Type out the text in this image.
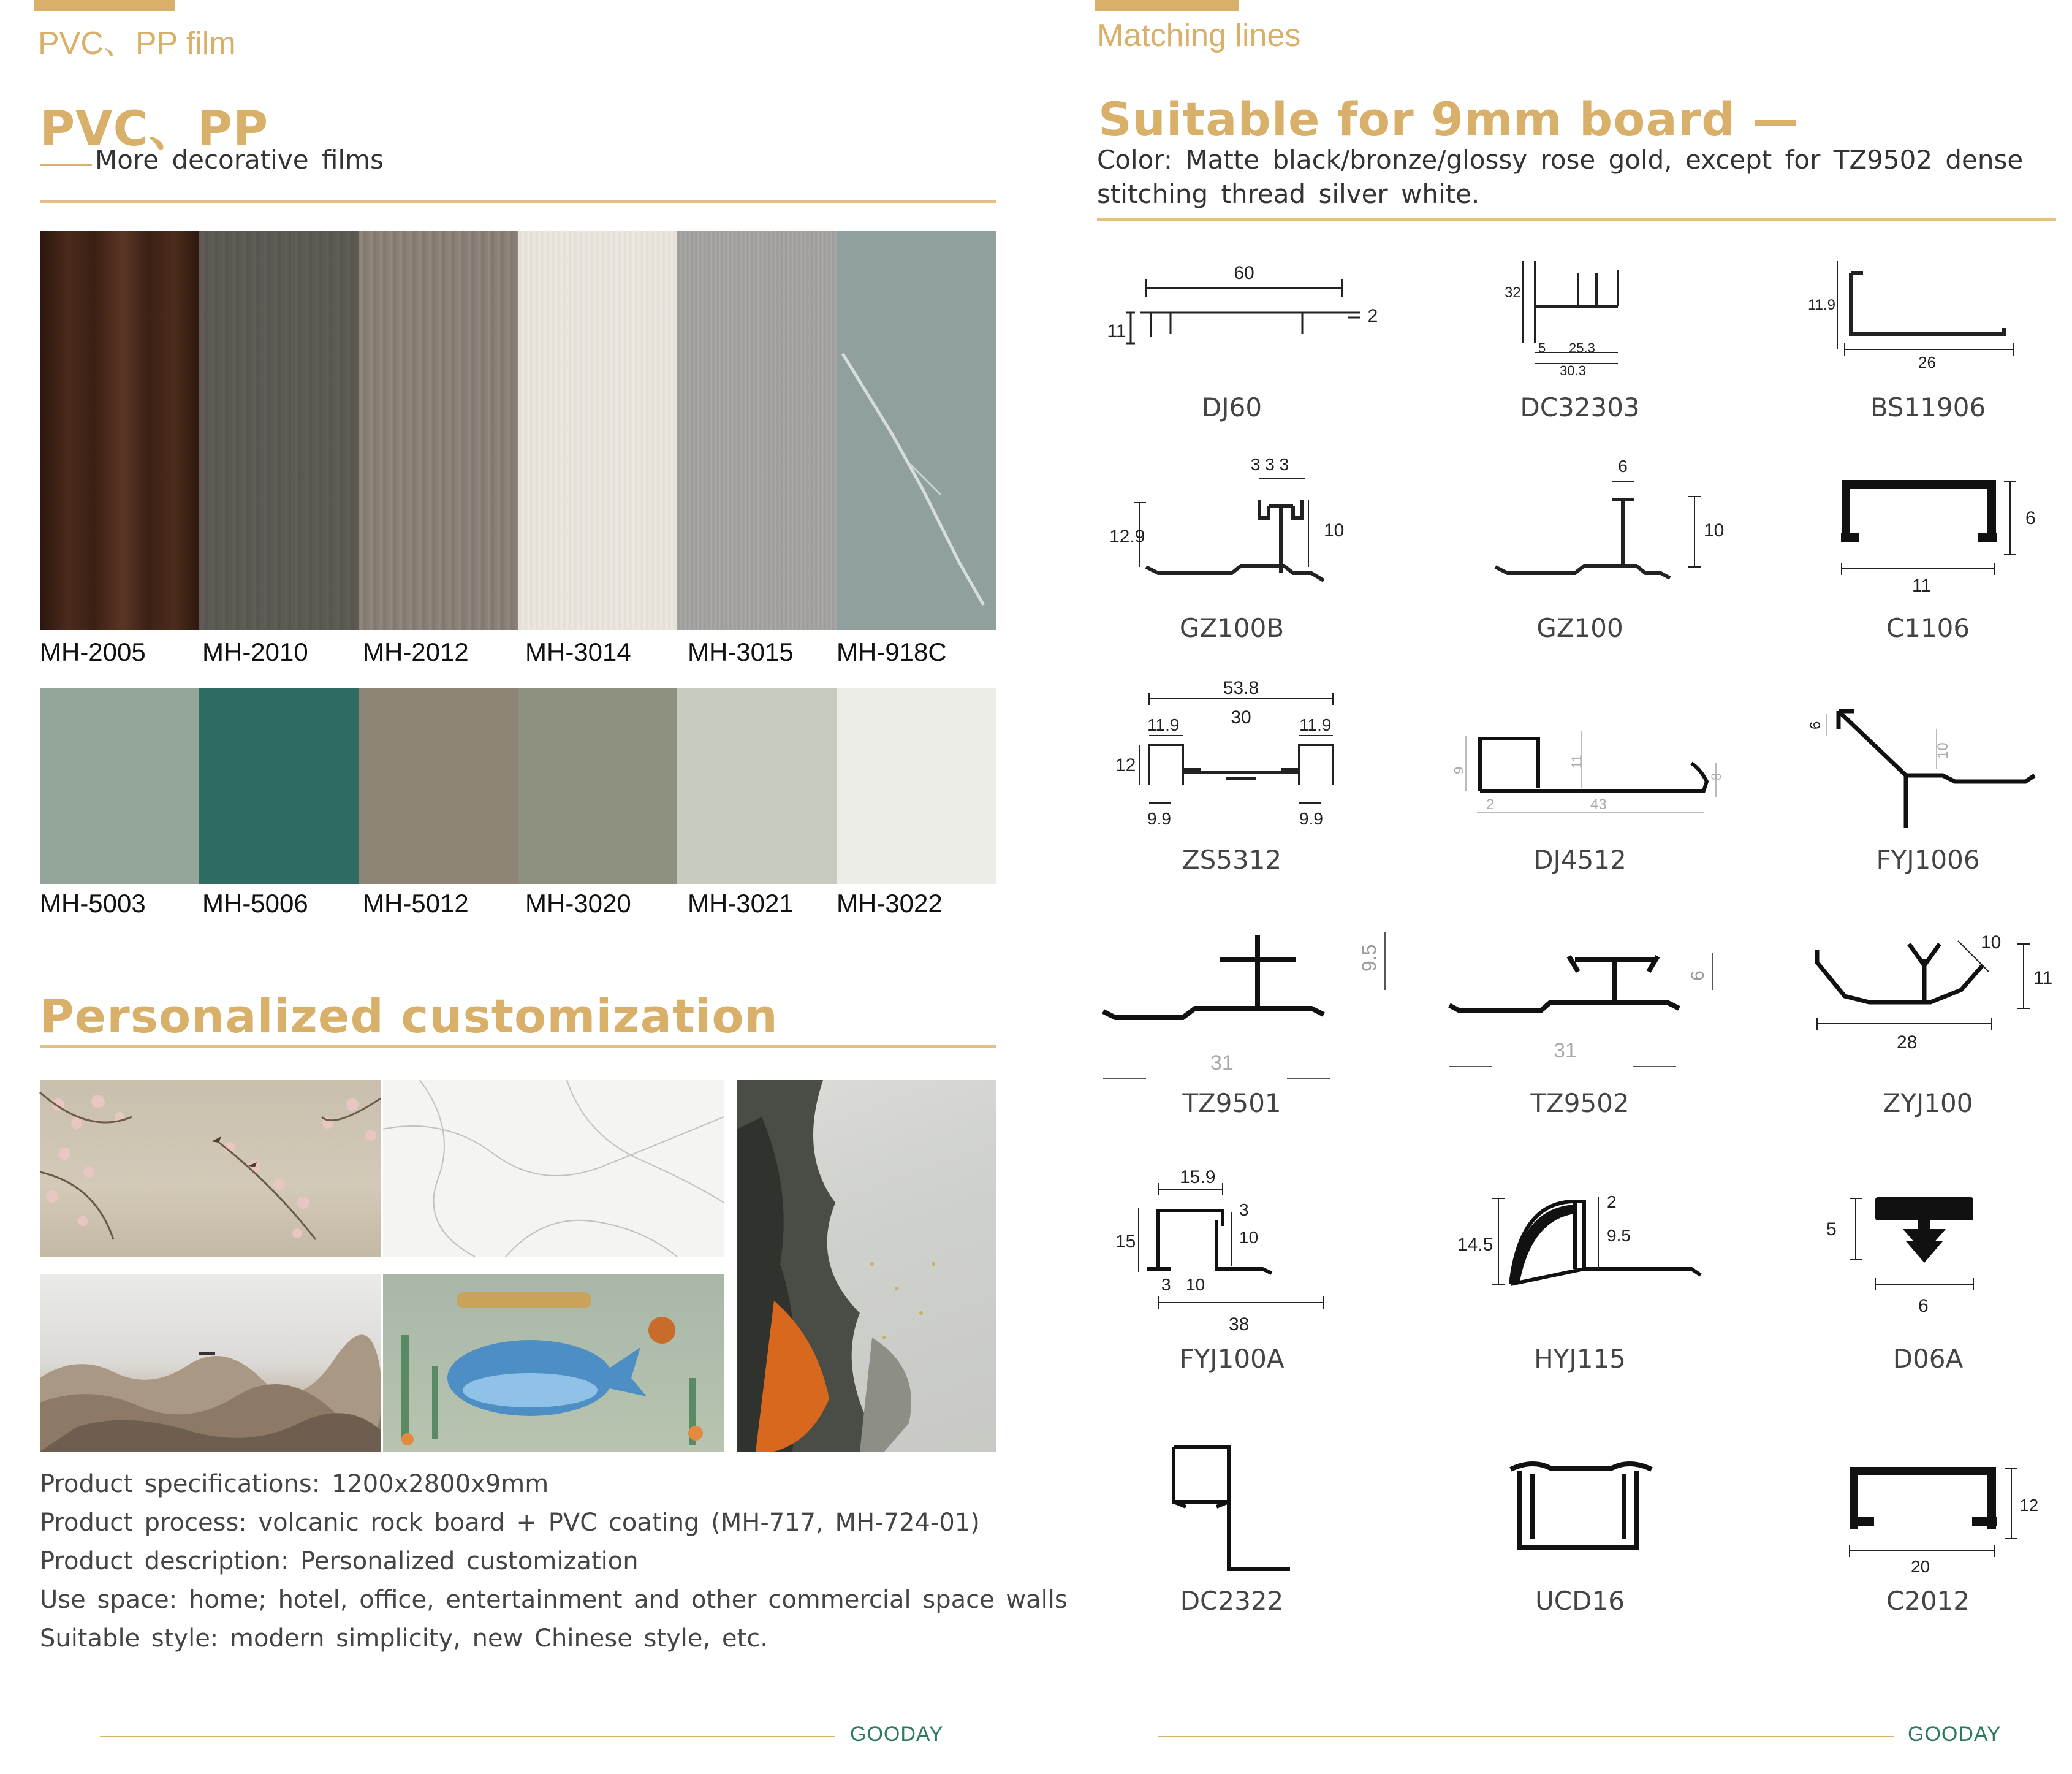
PVC、PP film
PVC、PP
More decorative films
MH-2005 MH-2010 MH-2012 MH-3014 MH-3015 MH-918C
MH-5003 MH-5006 MH-5012 MH-3020 MH-3021 MH-3022
Personalized customization
Product specifications: 1200x2800x9mm
Product process: volcanic rock board + PVC coating (MH-717, MH-724-01)
Product description: Personalized customization
Use space: home; hotel, office, entertainment and other commercial space walls
Suitable style: modern simplicity, new Chinese style, etc.
GOODAY
Matching lines
Suitable for 9mm board —
Color: Matte black/bronze/glossy rose gold, except for TZ9502 dense
stitching thread silver white.
60
11
2
DJ60
32
5 25.3
30.3
DC32303
11.9
26
BS11906
3 3 3
12.9	10
GZ100B
6
10
GZ100
6
11
C1106
53.8
11.9	30	11.9
12
9.9	9.9
ZS5312
9
11
43
2
8
DJ4512
6
10
FYJ1006
9.5
31
TZ9501
6
31
TZ9502
10
11
28
ZYJ100
15.9
3
10
15
3 10
38
FYJ100A
2
9.5
14.5
HYJ115
5
6
D06A
DC2322	UCD16
12
20
C2012
GOODAY
